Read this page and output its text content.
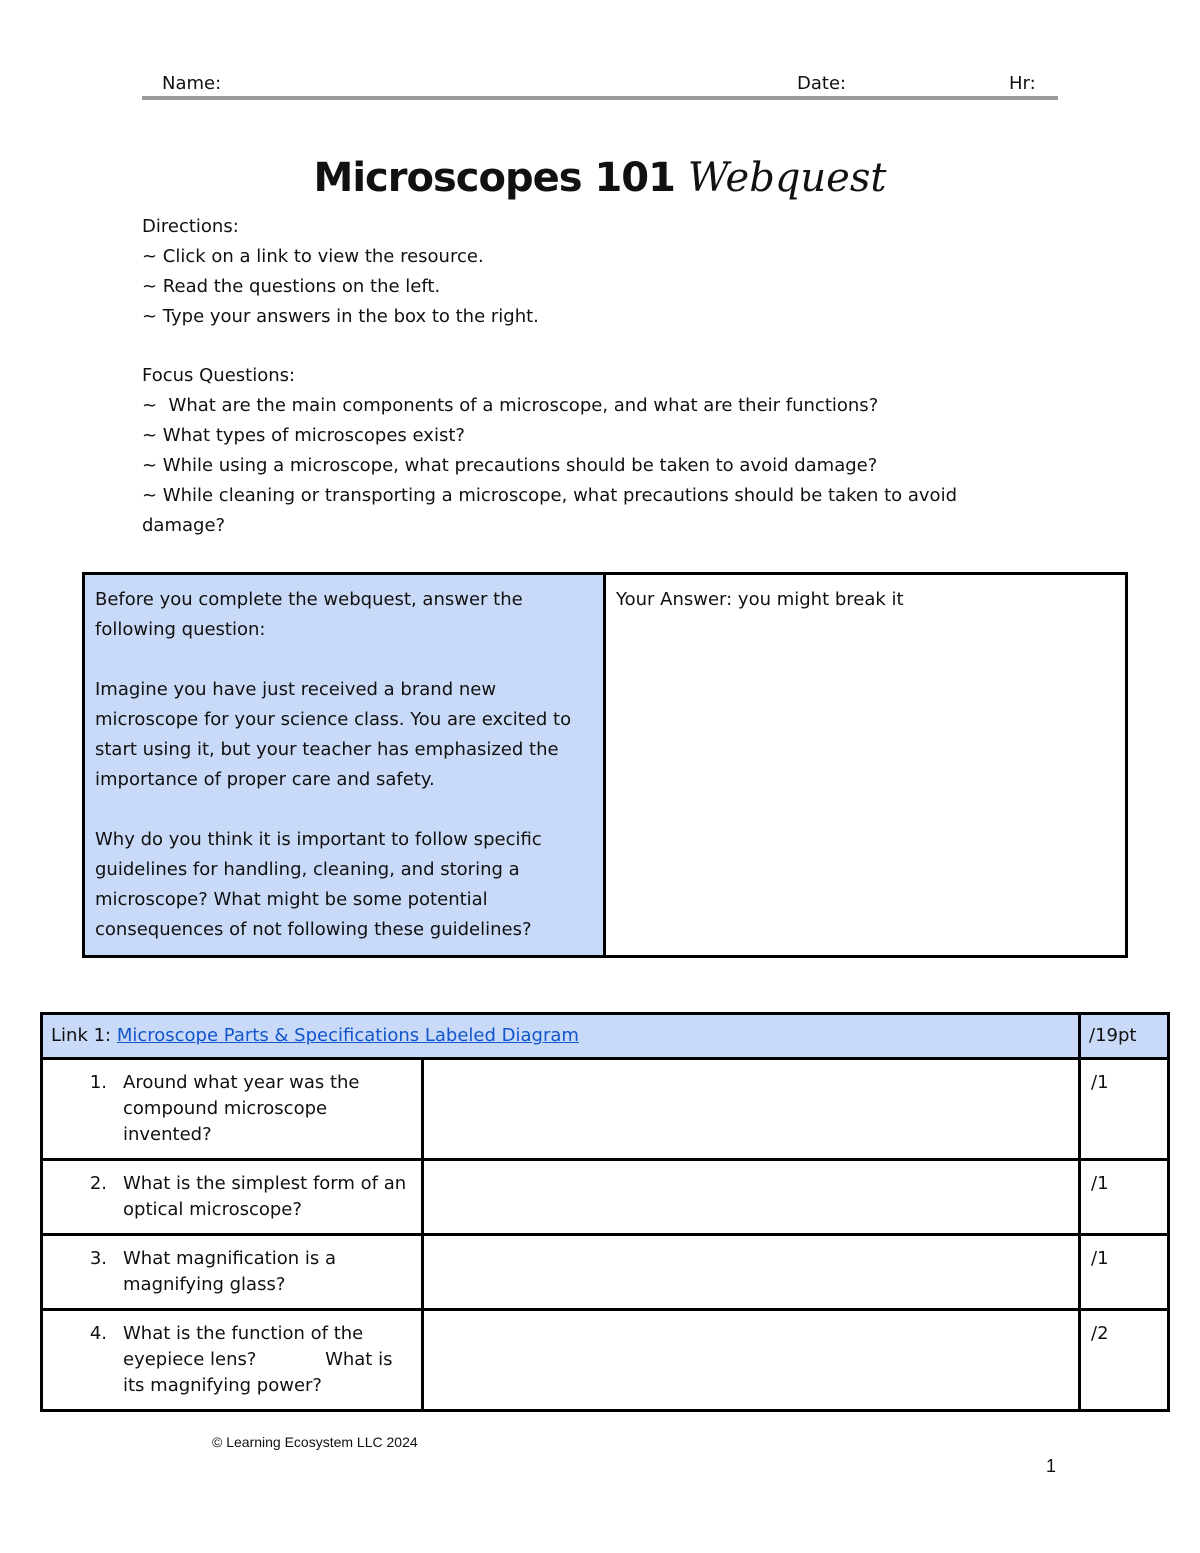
Name:	Date:	Hr:
Microscopes 101 Webquest
Directions:
~ Click on a link to view the resource.
~ Read the questions on the left.
~ Type your answers in the box to the right.
Focus Questions:
~  What are the main components of a microscope, and what are their functions?
~ What types of microscopes exist?
~ While using a microscope, what precautions should be taken to avoid damage?
~ While cleaning or transporting a microscope, what precautions should be taken to avoid
damage?

Before you complete the webquest, answer the following question:

Imagine you have just received a brand new microscope for your science class. You are excited to start using it, but your teacher has emphasized the importance of proper care and safety.

Why do you think it is important to follow specific guidelines for handling, cleaning, and storing a microscope? What might be some potential consequences of not following these guidelines?

	Your Answer: you might break it
Link 1: Microscope Parts & Specifications Labeled Diagram		/19pt

1. Around what year was the compound microscope invented?		/1

2. What is the simplest form of an optical microscope?		/1

3. What magnification is a magnifying glass?		/1

4. What is the function of the eyepiece lens?            What is its magnifying power?		/2
© Learning Ecosystem LLC 2024
1
